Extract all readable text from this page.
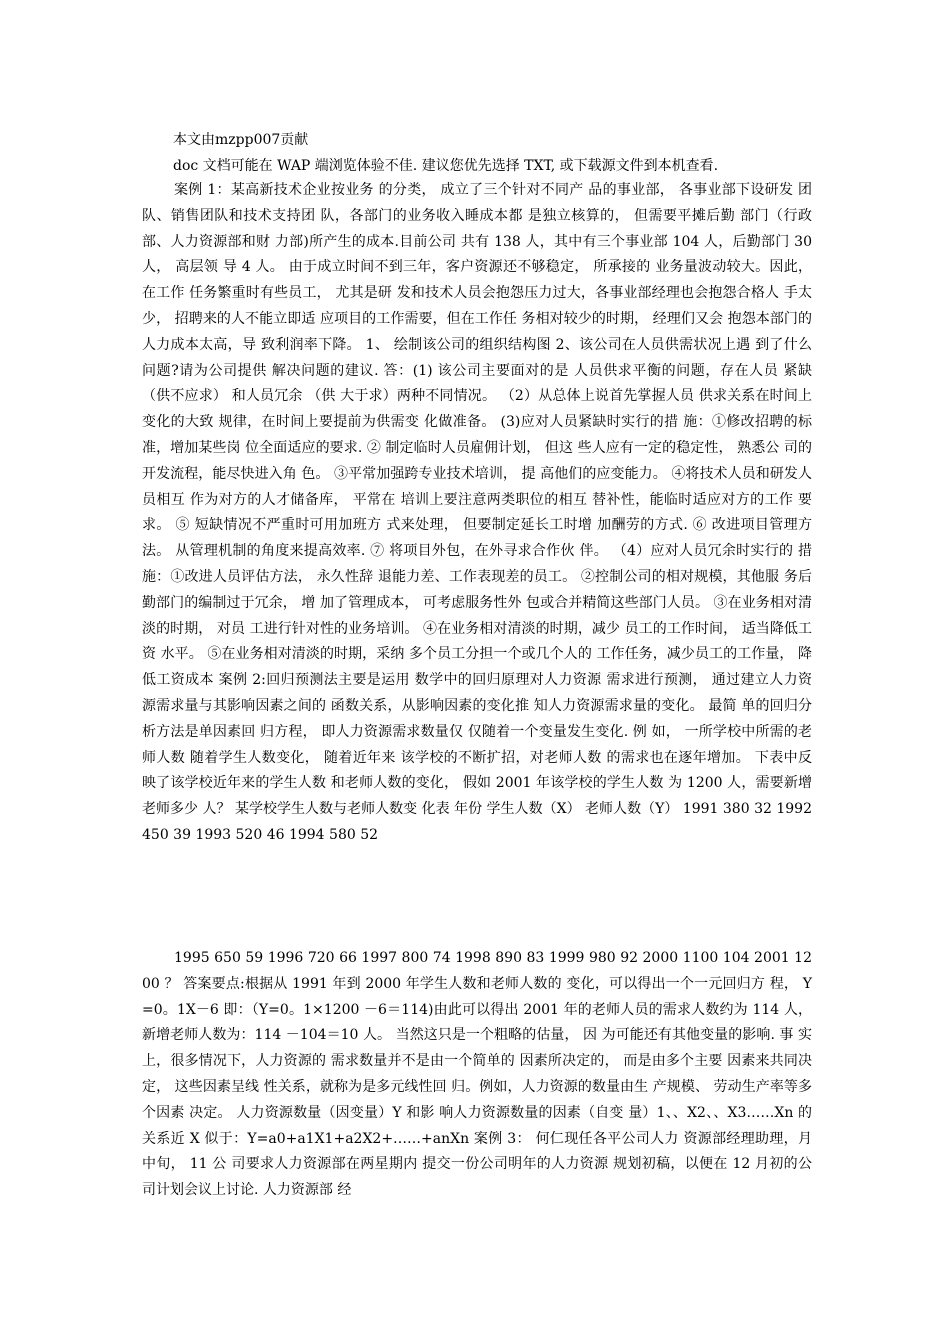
本文由mzpp007贡献
doc 文档可能在 WAP 端浏览体验不佳. 建议您优先选择 TXT, 或下载源文件到本机查看.
案例 1：某高新技术企业按业务 的分类， 成立了三个针对不同产 品的事业部， 各事业部下设研发 团队、销售团队和技术支持团 队，各部门的业务收入睡成本都 是独立核算的， 但需要平摊后勤 部门（行政部、人力资源部和财 力部)所产生的成本.目前公司 共有 138 人，其中有三个事业部 104 人，后勤部门 30 人， 高层领 导 4 人。 由于成立时间不到三年，客户资源还不够稳定， 所承接的 业务量波动较大。因此，在工作 任务繁重时有些员工， 尤其是研 发和技术人员会抱怨压力过大，各事业部经理也会抱怨合格人 手太少， 招聘来的人不能立即适 应项目的工作需要，但在工作任 务相对较少的时期， 经理们又会 抱怨本部门的人力成本太高，导 致利润率下降。 1、 绘制该公司的组织结构图 2、该公司在人员供需状况上遇 到了什么问题?请为公司提供 解决问题的建议. 答：(1) 该公司主要面对的是 人员供求平衡的问题，存在人员 紧缺 （供不应求） 和人员冗余 （供 大于求）两种不同情况。 （2）从总体上说首先掌握人员 供求关系在时间上变化的大致 规律，在时间上要提前为供需变 化做准备。 (3)应对人员紧缺时实行的措 施：①修改招聘的标准，增加某些岗 位全面适应的要求. ② 制定临时人员雇佣计划， 但这 些人应有一定的稳定性， 熟悉公 司的开发流程，能尽快进入角 色。 ③平常加强跨专业技术培训， 提 高他们的应变能力。 ④将技术人员和研发人员相互 作为对方的人才储备库， 平常在 培训上要注意两类职位的相互 替补性，能临时适应对方的工作 要求。 ⑤ 短缺情况不严重时可用加班方 式来处理， 但要制定延长工时增 加酬劳的方式. ⑥ 改进项目管理方法。 从管理机制的角度来提高效率. ⑦ 将项目外包，在外寻求合作伙 伴。 （4）应对人员冗余时实行的 措 施：①改进人员评估方法， 永久性辞 退能力差、工作表现差的员工。 ②控制公司的相对规模，其他服 务后勤部门的编制过于冗余， 增 加了管理成本， 可考虑服务性外 包或合并精简这些部门人员。 ③在业务相对清淡的时期， 对员 工进行针对性的业务培训。 ④在业务相对清淡的时期，减少 员工的工作时间， 适当降低工资 水平。 ⑤在业务相对清淡的时期，采纳 多个员工分担一个或几个人的 工作任务，减少员工的工作量， 降低工资成本 案例 2:回归预测法主要是运用 数学中的回归原理对人力资源 需求进行预测， 通过建立人力资 源需求量与其影响因素之间的 函数关系，从影响因素的变化推 知人力资源需求量的变化。 最简 单的回归分析方法是单因素回 归方程， 即人力资源需求数量仅 仅随着一个变量发生变化. 例 如， 一所学校中所需的老师人数 随着学生人数变化， 随着近年来 该学校的不断扩招，对老师人数 的需求也在逐年增加。 下表中反 映了该学校近年来的学生人数 和老师人数的变化， 假如 2001 年该学校的学生人数 为 1200 人，需要新增老师多少 人？ 某学校学生人数与老师人数变 化表 年份 学生人数（X） 老师人数（Y） 1991 380 32 1992 450 39 1993 520 46 1994 580 52
1995 650 59 1996 720 66 1997 800 74 1998 890 83 1999 980 92 2000 1100 104 2001 1200 ？ 答案要点:根据从 1991 年到 2000 年学生人数和老师人数的 变化，可以得出一个一元回归方 程， Y=0。1X－6 即：（Y=0。1×1200 －6＝114)由此可以得出 2001 年的老师人员的需求人数约为 114 人，新增老师人数为：114 －104＝10 人。 当然这只是一个粗略的估量， 因 为可能还有其他变量的影响. 事 实上，很多情况下，人力资源的 需求数量并不是由一个简单的 因素所决定的， 而是由多个主要 因素来共同决定， 这些因素呈线 性关系，就称为是多元线性回 归。例如，人力资源的数量由生 产规模、 劳动生产率等多个因素 决定。 人力资源数量（因变量）Y 和影 响人力资源数量的因素（自变 量）1、、X2、、X3……Xn 的关系近 X 似于：Y=a0+a1X1+a2X2+……+anXn 案例 3： 何仁现任各平公司人力 资源部经理助理，月中旬， 11 公 司要求人力资源部在两星期内 提交一份公司明年的人力资源 规划初稿，以便在 12 月初的公 司计划会议上讨论. 人力资源部 经
